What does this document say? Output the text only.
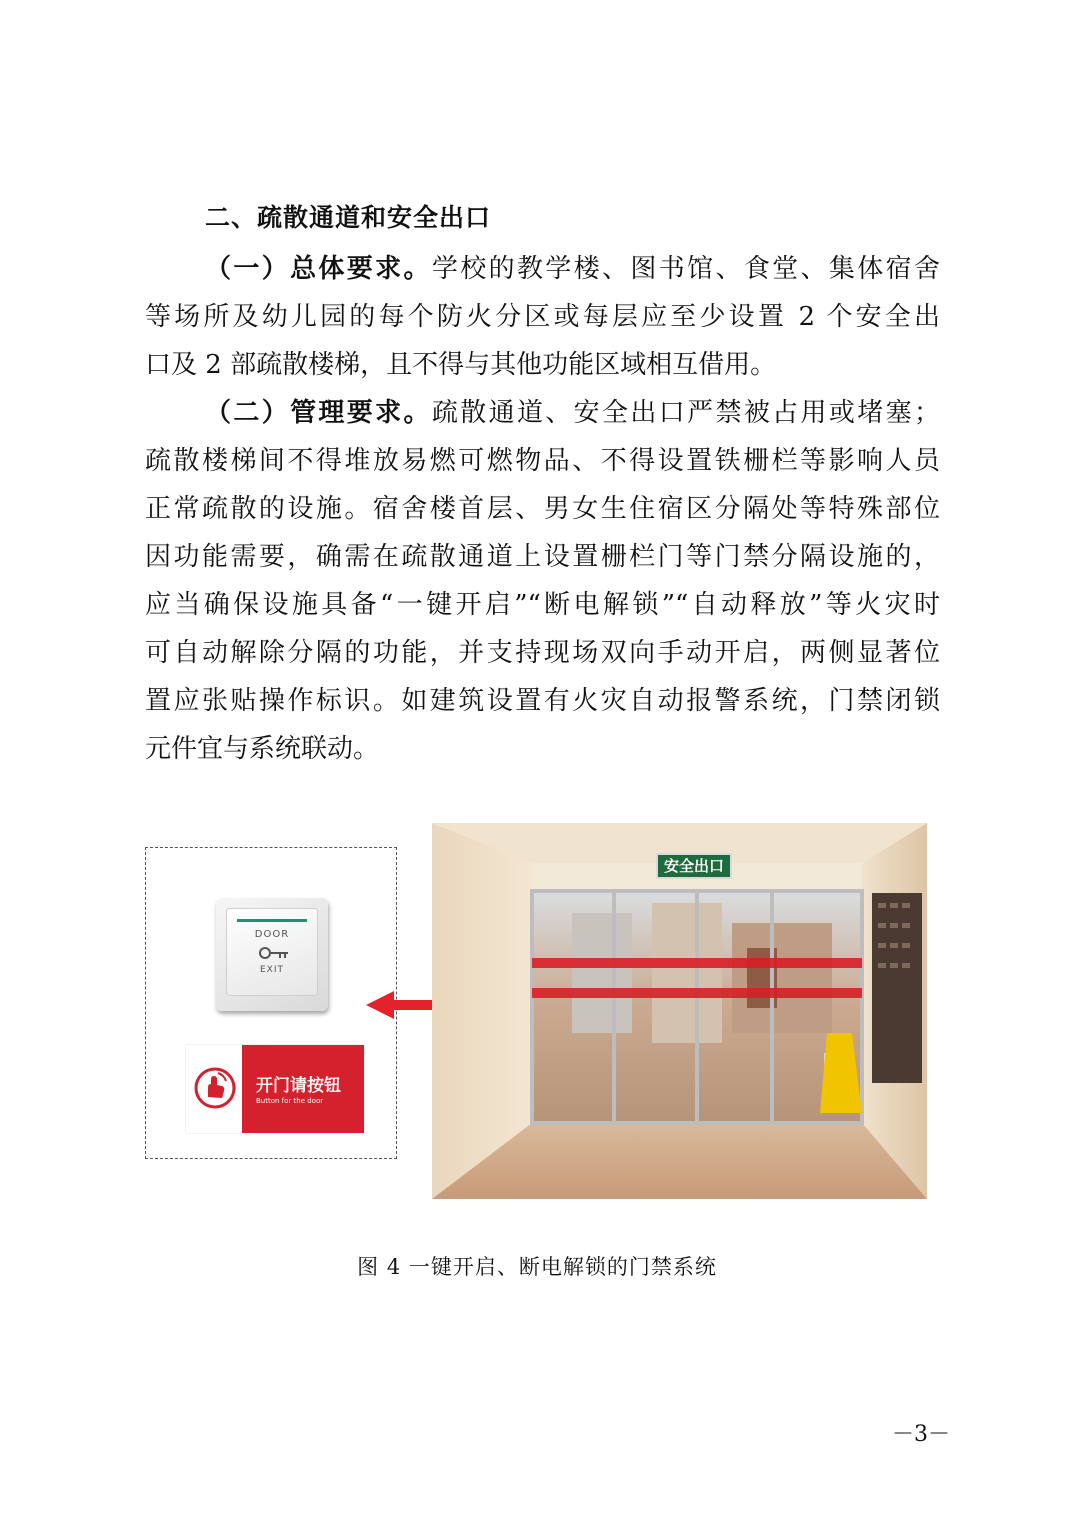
二、疏散通道和安全出口
（一）总体要求。学校的教学楼、图书馆、食堂、集体宿舍
等场所及幼儿园的每个防火分区或每层应至少设置 2 个安全出
口及 2 部疏散楼梯，且不得与其他功能区域相互借用。
（二）管理要求。疏散通道、安全出口严禁被占用或堵塞；
疏散楼梯间不得堆放易燃可燃物品、不得设置铁栅栏等影响人员
正常疏散的设施。宿舍楼首层、男女生住宿区分隔处等特殊部位
因功能需要，确需在疏散通道上设置栅栏门等门禁分隔设施的，
应当确保设施具备“一键开启”“断电解锁”“自动释放”等火灾时
可自动解除分隔的功能，并支持现场双向手动开启，两侧显著位
置应张贴操作标识。如建筑设置有火灾自动报警系统，门禁闭锁
元件宜与系统联动。
DOOR
EXIT
开门请按钮
Button for the door
安全出口
图 4 一键开启、断电解锁的门禁系统
－3－
